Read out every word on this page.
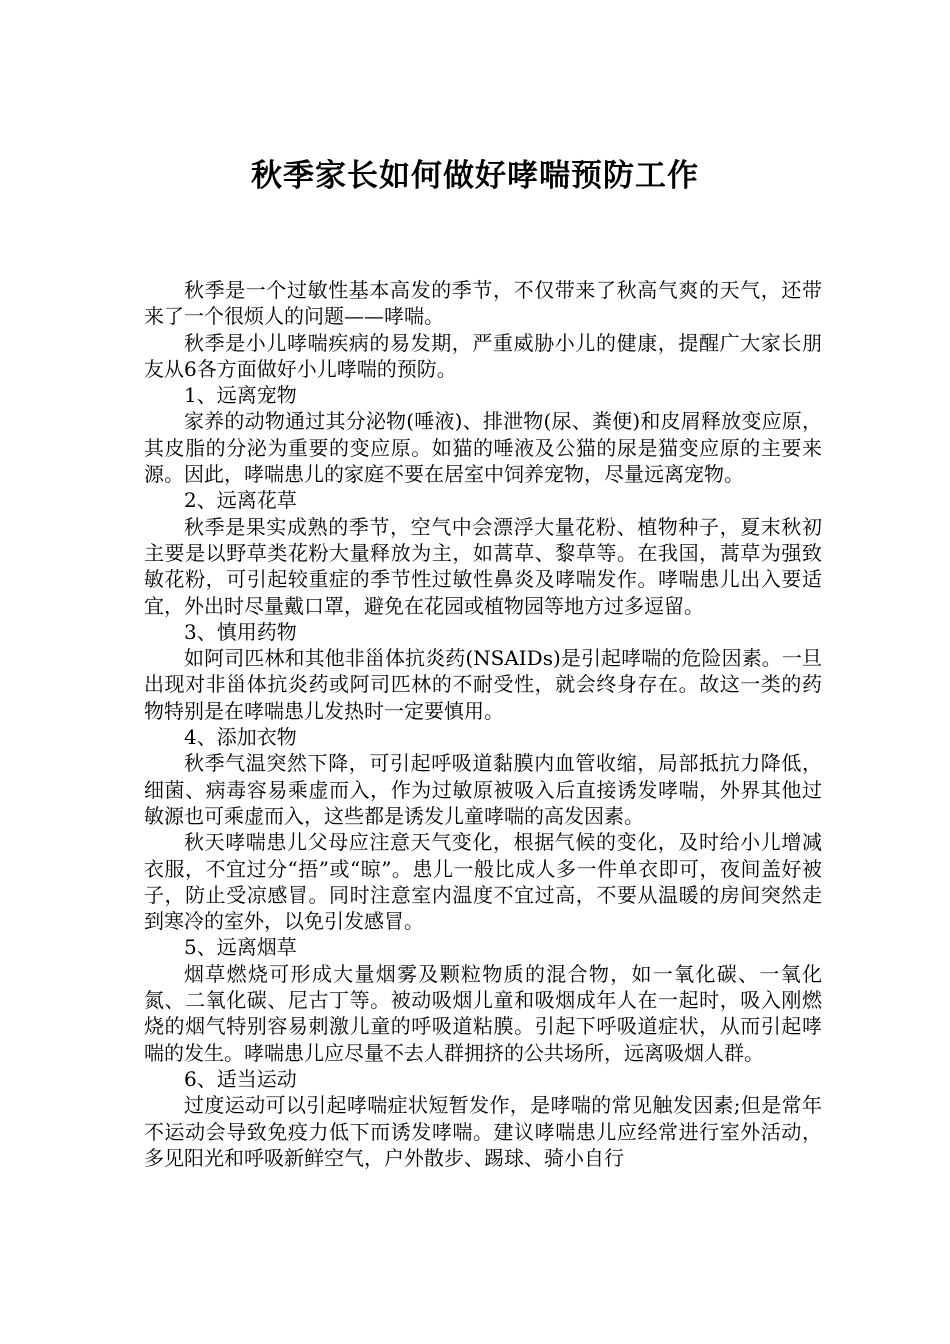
秋季家长如何做好哮喘预防工作

秋季是一个过敏性基本高发的季节，不仅带来了秋高气爽的天气，还带来了一个很烦人的问题——哮喘。

秋季是小儿哮喘疾病的易发期，严重威胁小儿的健康，提醒广大家长朋友从6各方面做好小儿哮喘的预防。

1、远离宠物

家养的动物通过其分泌物(唾液)、排泄物(尿、粪便)和皮屑释放变应原，其皮脂的分泌为重要的变应原。如猫的唾液及公猫的尿是猫变应原的主要来源。因此，哮喘患儿的家庭不要在居室中饲养宠物，尽量远离宠物。

2、远离花草

秋季是果实成熟的季节，空气中会漂浮大量花粉、植物种子，夏末秋初主要是以野草类花粉大量释放为主，如蒿草、黎草等。在我国，蒿草为强致敏花粉，可引起较重症的季节性过敏性鼻炎及哮喘发作。哮喘患儿出入要适宜，外出时尽量戴口罩，避免在花园或植物园等地方过多逗留。

3、慎用药物

如阿司匹林和其他非甾体抗炎药(NSAIDs)是引起哮喘的危险因素。一旦出现对非甾体抗炎药或阿司匹林的不耐受性，就会终身存在。故这一类的药物特别是在哮喘患儿发热时一定要慎用。

4、添加衣物

秋季气温突然下降，可引起呼吸道黏膜内血管收缩，局部抵抗力降低，细菌、病毒容易乘虚而入，作为过敏原被吸入后直接诱发哮喘，外界其他过敏源也可乘虚而入，这些都是诱发儿童哮喘的高发因素。

秋天哮喘患儿父母应注意天气变化，根据气候的变化，及时给小儿增减衣服，不宜过分“捂”或“晾”。患儿一般比成人多一件单衣即可，夜间盖好被子，防止受凉感冒。同时注意室内温度不宜过高，不要从温暖的房间突然走到寒冷的室外，以免引发感冒。

5、远离烟草

烟草燃烧可形成大量烟雾及颗粒物质的混合物，如一氧化碳、一氧化氮、二氧化碳、尼古丁等。被动吸烟儿童和吸烟成年人在一起时，吸入刚燃烧的烟气特别容易刺激儿童的呼吸道粘膜。引起下呼吸道症状，从而引起哮喘的发生。哮喘患儿应尽量不去人群拥挤的公共场所，远离吸烟人群。

6、适当运动

过度运动可以引起哮喘症状短暂发作，是哮喘的常见触发因素;但是常年不运动会导致免疫力低下而诱发哮喘。建议哮喘患儿应经常进行室外活动，多见阳光和呼吸新鲜空气，户外散步、踢球、骑小自行
